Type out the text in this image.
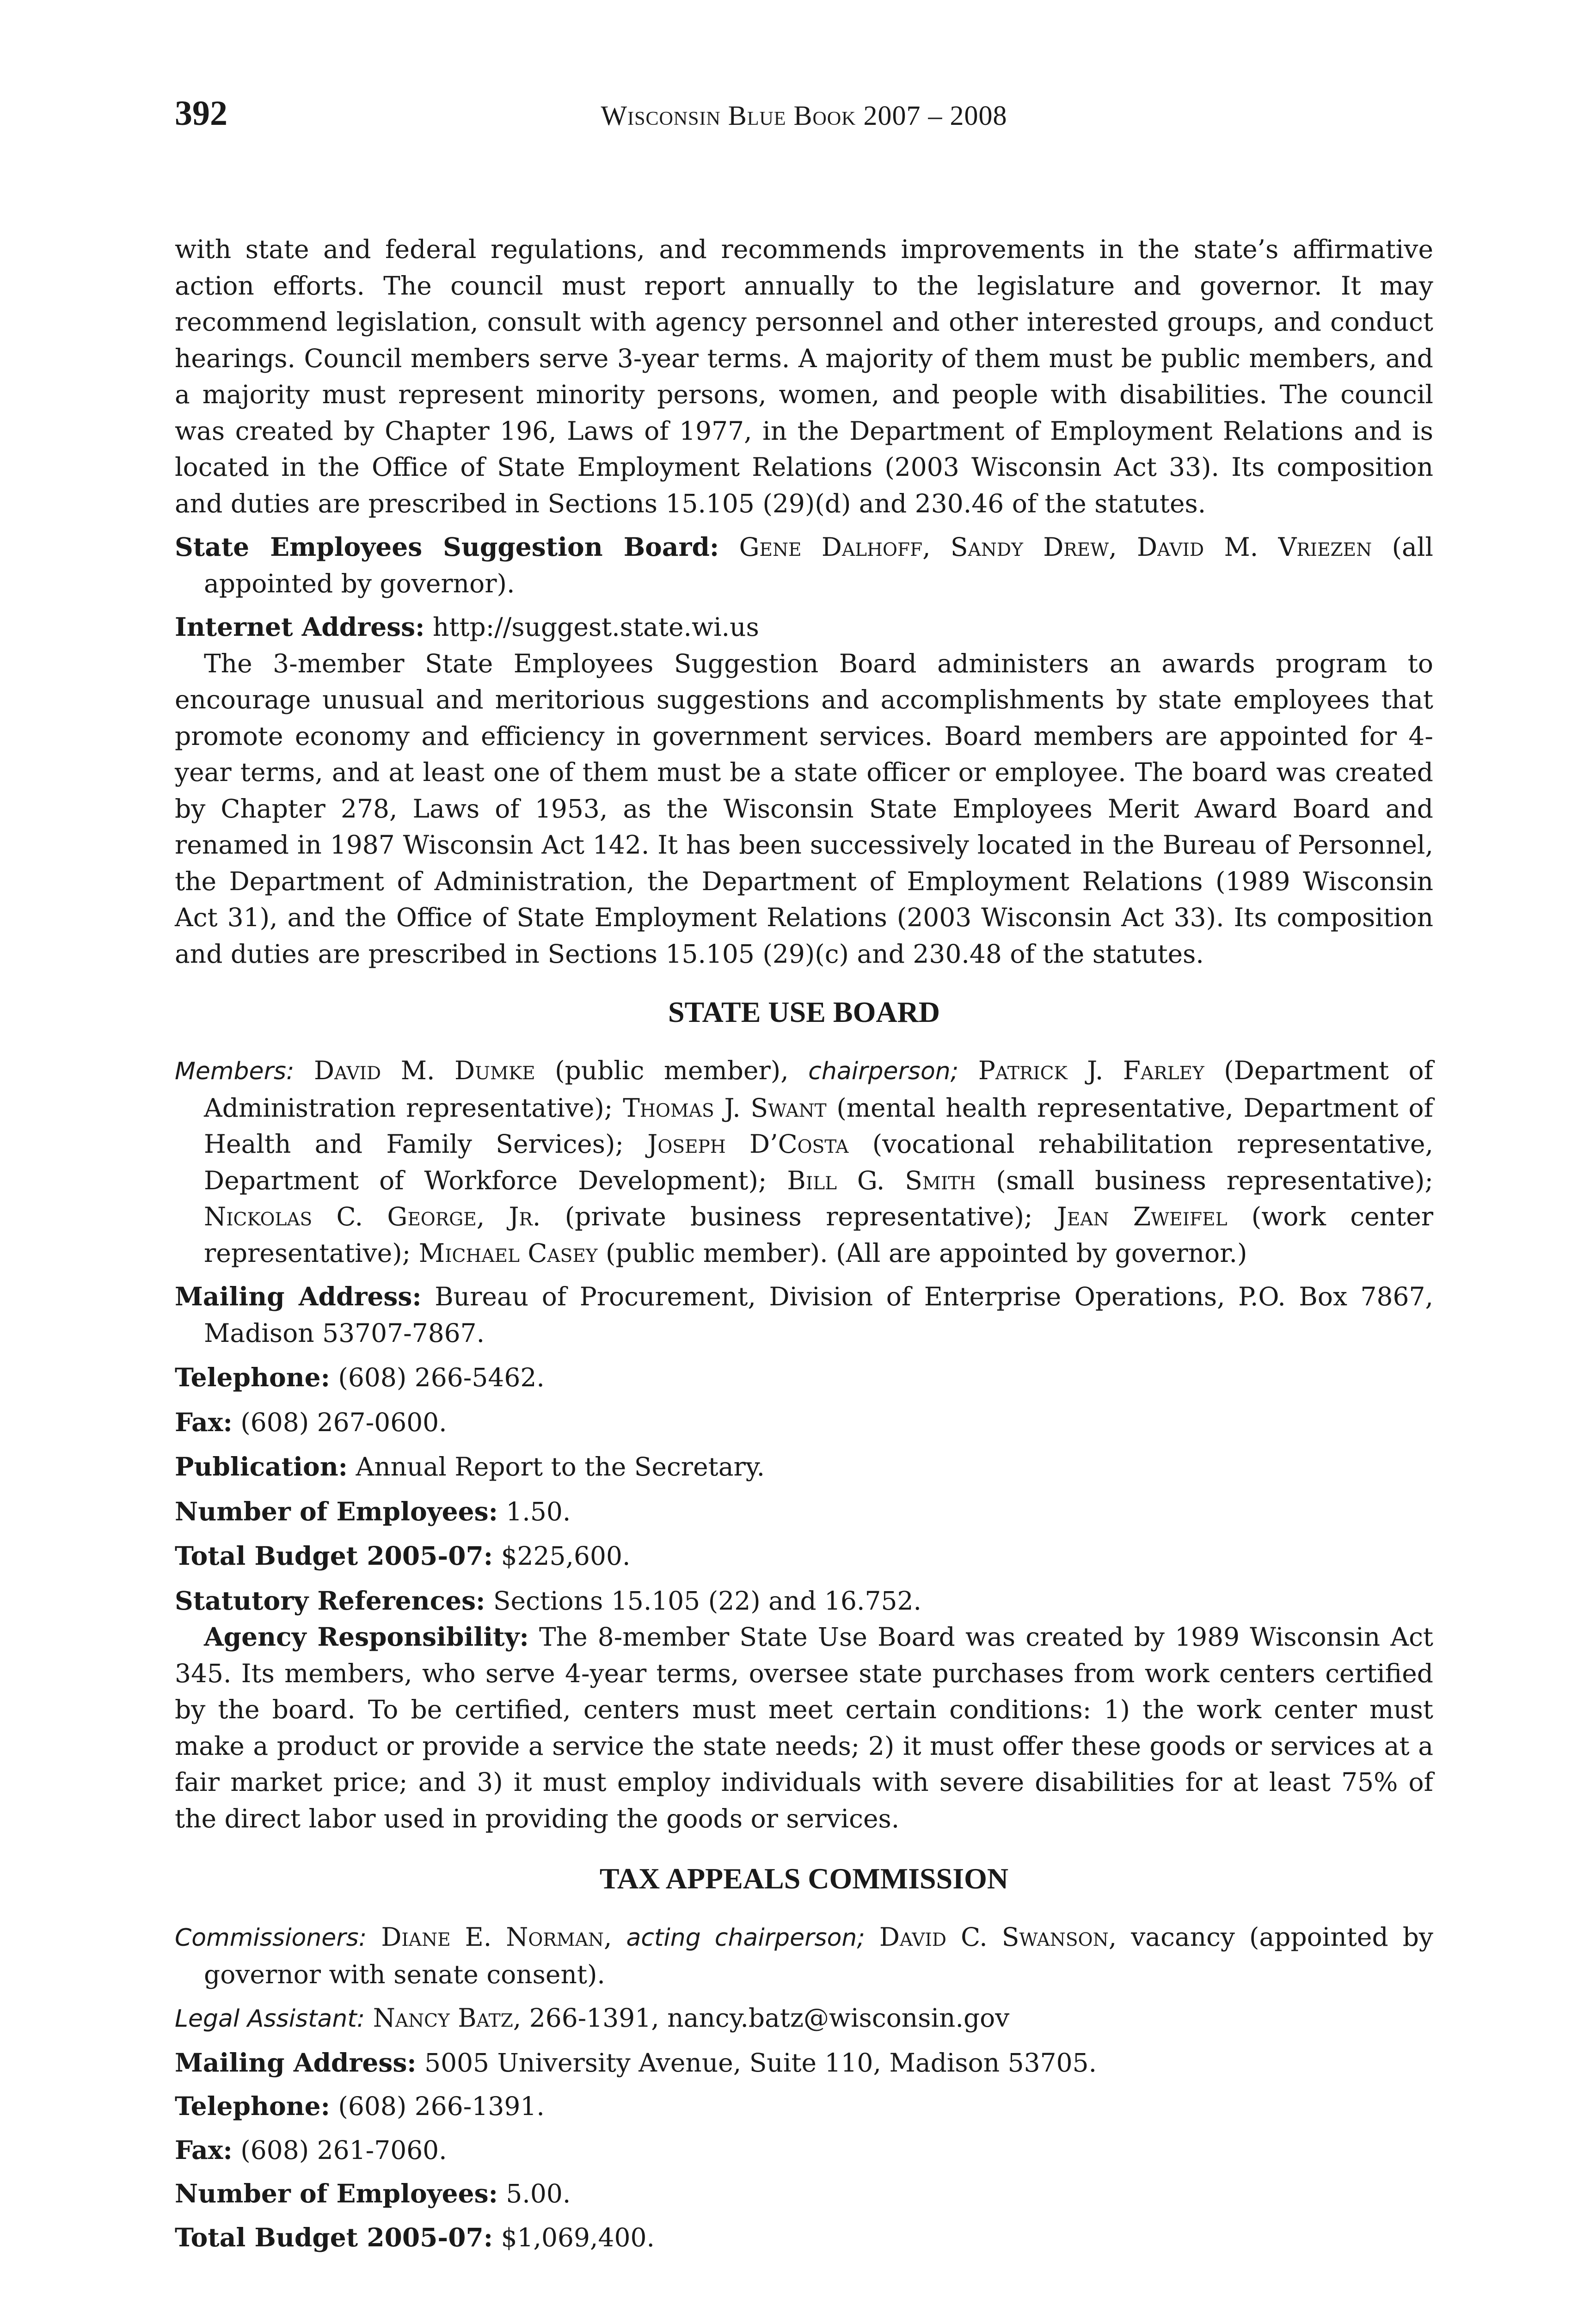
392	Wisconsin Blue Book 2007 – 2008

with state and federal regulations, and recommends improvements in the state’s affirmative action efforts. The council must report annually to the legislature and governor. It may recommend legislation, consult with agency personnel and other interested groups, and conduct hearings. Council members serve 3-year terms. A majority of them must be public members, and a majority must represent minority persons, women, and people with disabilities. The council was created by Chapter 196, Laws of 1977, in the Department of Employment Relations and is located in the Office of State Employment Relations (2003 Wisconsin Act 33). Its composition and duties are prescribed in Sections 15.105 (29)(d) and 230.46 of the statutes.

State Employees Suggestion Board: Gene Dalhoff, Sandy Drew, David M. Vriezen (all appointed by governor).

Internet Address: http://suggest.state.wi.us

The 3-member State Employees Suggestion Board administers an awards program to encourage unusual and meritorious suggestions and accomplishments by state employees that promote economy and efficiency in government services. Board members are appointed for 4-year terms, and at least one of them must be a state officer or employee. The board was created by Chapter 278, Laws of 1953, as the Wisconsin State Employees Merit Award Board and renamed in 1987 Wisconsin Act 142. It has been successively located in the Bureau of Personnel, the Department of Administration, the Department of Employment Relations (1989 Wisconsin Act 31), and the Office of State Employment Relations (2003 Wisconsin Act 33). Its composition and duties are prescribed in Sections 15.105 (29)(c) and 230.48 of the statutes.

STATE USE BOARD

Members: David M. Dumke (public member), chairperson; Patrick J. Farley (Department of Administration representative); Thomas J. Swant (mental health representative, Department of Health and Family Services); Joseph D’Costa (vocational rehabilitation representative, Department of Workforce Development); Bill G. Smith (small business representative); Nickolas C. George, Jr. (private business representative); Jean Zweifel (work center representative); Michael Casey (public member). (All are appointed by governor.)

Mailing Address: Bureau of Procurement, Division of Enterprise Operations, P.O. Box 7867, Madison 53707-7867.

Telephone: (608) 266-5462.

Fax: (608) 267-0600.

Publication: Annual Report to the Secretary.

Number of Employees: 1.50.

Total Budget 2005-07: $225,600.

Statutory References: Sections 15.105 (22) and 16.752.

Agency Responsibility: The 8-member State Use Board was created by 1989 Wisconsin Act 345. Its members, who serve 4-year terms, oversee state purchases from work centers certified by the board. To be certified, centers must meet certain conditions: 1) the work center must make a product or provide a service the state needs; 2) it must offer these goods or services at a fair market price; and 3) it must employ individuals with severe disabilities for at least 75% of the direct labor used in providing the goods or services.

TAX APPEALS COMMISSION

Commissioners: Diane E. Norman, acting chairperson; David C. Swanson, vacancy (appointed by governor with senate consent).

Legal Assistant: Nancy Batz, 266-1391, nancy.batz@wisconsin.gov

Mailing Address: 5005 University Avenue, Suite 110, Madison 53705.

Telephone: (608) 266-1391.

Fax: (608) 261-7060.

Number of Employees: 5.00.

Total Budget 2005-07: $1,069,400.
